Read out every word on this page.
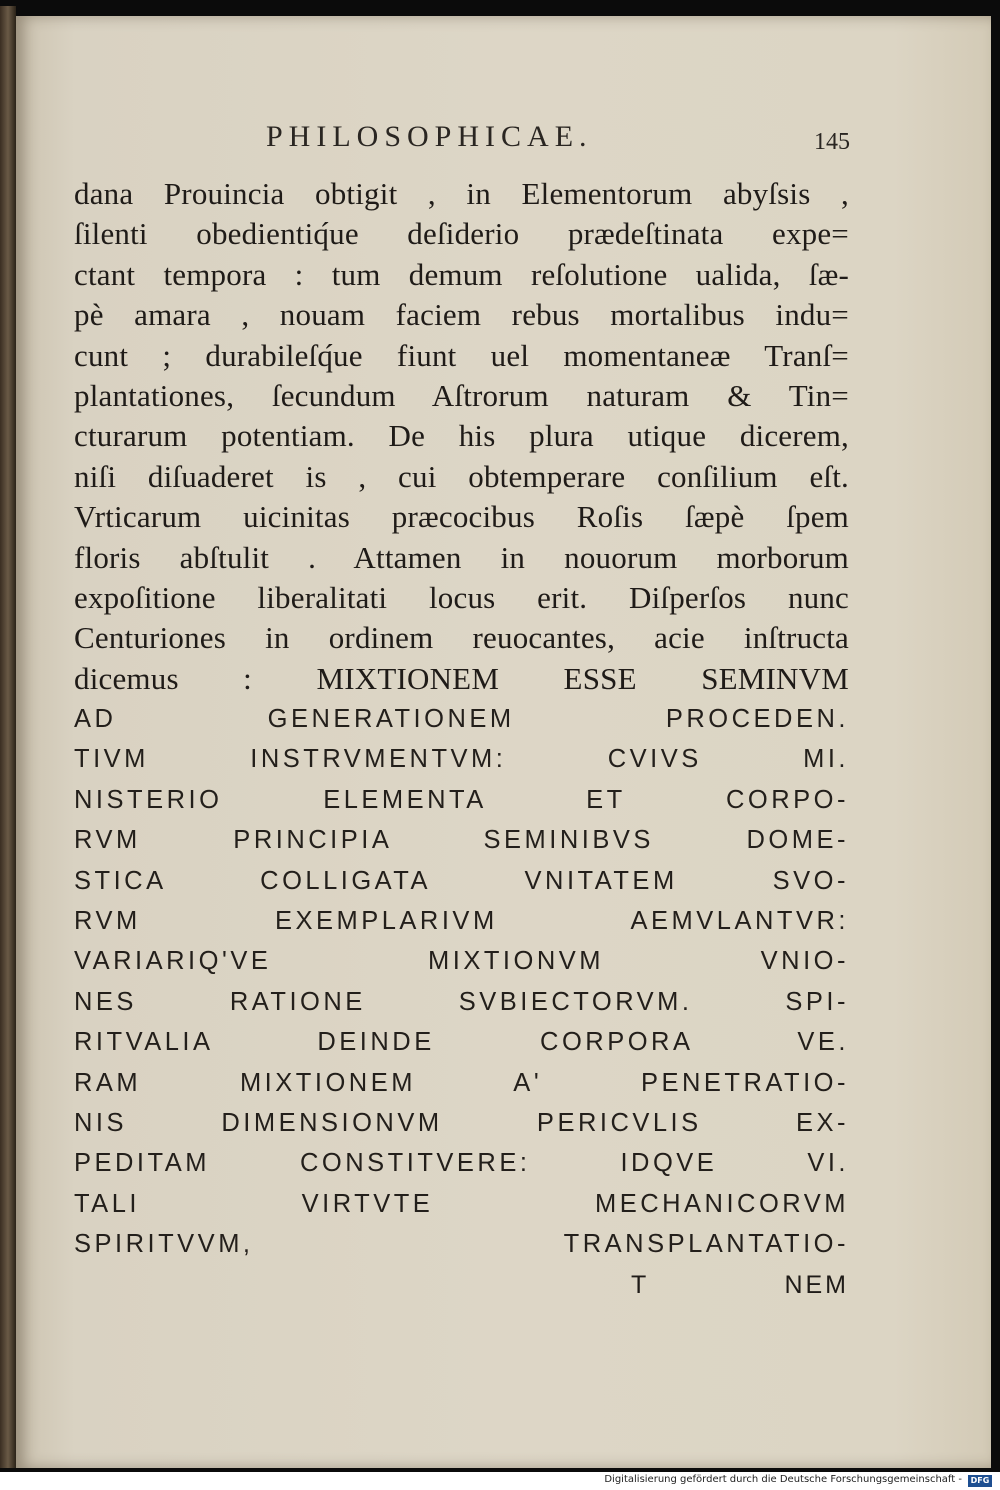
PHILOSOPHICAE.	145
dana Prouincia obtigit , in Elementorum abyſsis ,
ſilenti obedientiq́ue deſiderio prædeſtinata expe=
ctant tempora : tum demum reſolutione ualida, ſæ-
pè amara , nouam faciem rebus mortalibus indu=
cunt ; durabileſq́ue fiunt uel momentaneæ Tranſ=
plantationes, ſecundum Aſtrorum naturam & Tin=
cturarum potentiam. De his plura utique dicerem,
niſi diſuaderet is , cui obtemperare conſilium eſt.
Vrticarum uicinitas præcocibus Roſis ſæpè ſpem
floris abſtulit . Attamen in nouorum morborum
expoſitione liberalitati locus erit. Diſperſos nunc
Centuriones in ordinem reuocantes, acie inſtructa
dicemus : MIXTIONEM ESSE SEMINVM
AD GENERATIONEM PROCEDEN.
TIVM INSTRVMENTVM: CVIVS MI.
NISTERIO ELEMENTA ET CORPO-
RVM PRINCIPIA SEMINIBVS DOME-
STICA COLLIGATA VNITATEM SVO-
RVM EXEMPLARIVM AEMVLANTVR:
VARIARIQ'VE MIXTIONVM VNIO-
NES RATIONE SVBIECTORVM. SPI-
RITVALIA DEINDE CORPORA VE.
RAM MIXTIONEM A' PENETRATIO-
NIS DIMENSIONVM PERICVLIS EX-
PEDITAM CONSTITVERE: IDQVE VI.
TALI VIRTVTE MECHANICORVM
SPIRITVVM, TRANSPLANTATIO-
T	NEM
Digitalisierung gefördert durch die Deutsche Forschungsgemeinschaft -	DFG
